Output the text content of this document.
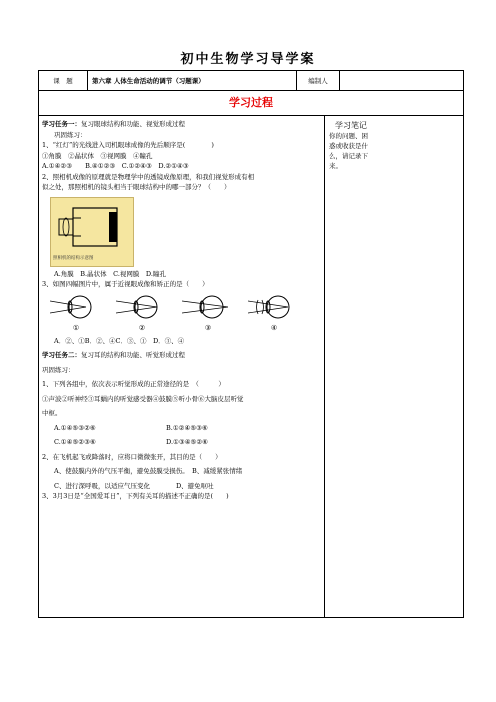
初中生物学习导学案
课　题	第六章 人体生命活动的调节（习题课）	编制人	
学习过程
学习笔记
你的问题、困惑或收获是什么，请记录下来。
学习任务一：复习眼球结构和功能、视觉形成过程
巩固练习：
1、“红灯”的光线进入司机眼球成像的先后顺序是(　　　　)
①角膜　②晶状体　③视网膜　④瞳孔
A.①④②③　　B.④①②③　C.①②④③　D.②①④③
2、照相机成像的原理就是物理学中的透镜成像原理，和我们视觉形成有相
似之处，那照相机的镜头相当于眼球结构中的哪一部分？（　　）
照相机的结构示意图
A.角膜　B.晶状体　C.视网膜　D.瞳孔
3、如图四幅图片中，属于近视眼成像和矫正的是（　　）
①	②	③	④
A．②、①B．②、④C．③、①　D．③、④
学习任务二：复习耳的结构和功能、听觉形成过程
巩固练习：
1、下列各组中，依次表示听觉形成的正常途径的是　（　　　）
①声波②听神经③耳蜗内的听觉感受器④鼓膜⑤听小骨⑥大脑皮层听觉
中枢。
A.①④⑤③②⑥	B.①②④⑤③⑥
C.①④⑤②③⑥	D.①③④⑤②⑥
2、在飞机起飞或降落时，应将口微微张开，其目的是（　　）
A、使鼓膜内外的气压平衡，避免鼓膜受损伤。　B、减缓紧张情绪
C、进行深呼吸，以适应气压变化　　　　D、避免呕吐
3、3月3日是“全国爱耳日”，下列有关耳的描述不正确的是(　　)
